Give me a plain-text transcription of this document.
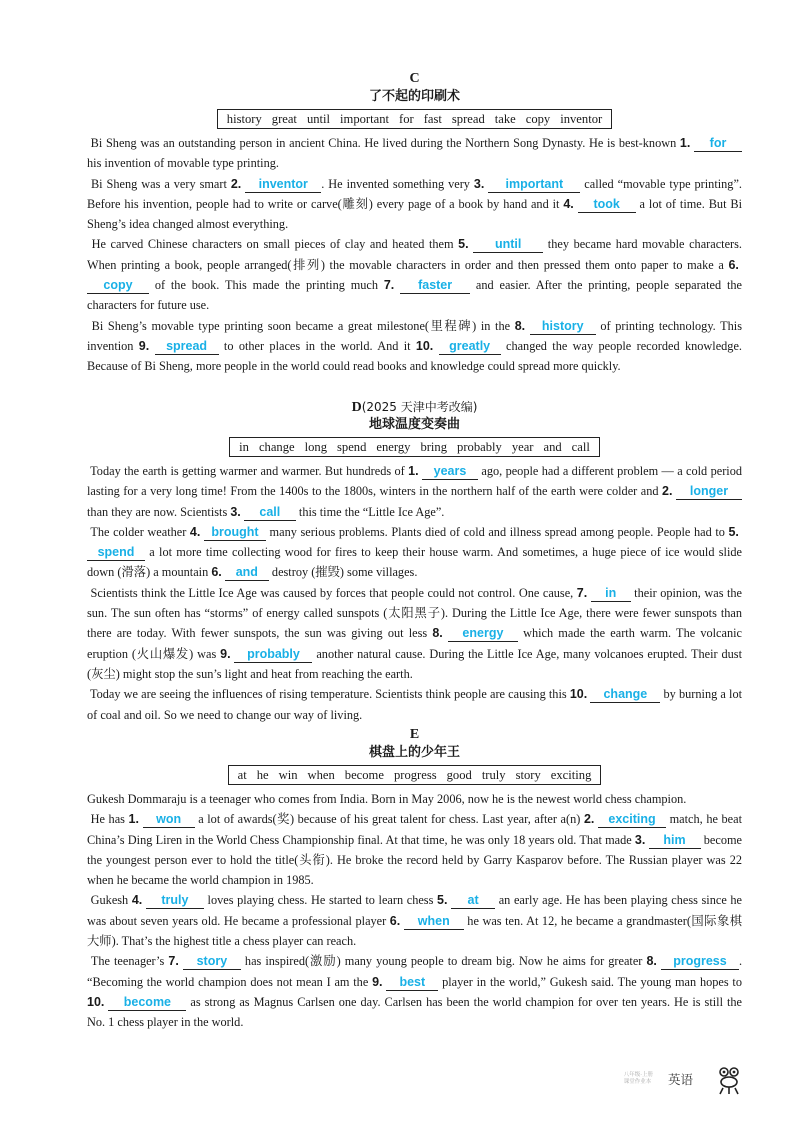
C
了不起的印刷术
history great until important for fast spread take copy inventor
Bi Sheng was an outstanding person in ancient China. He lived during the Northern Song Dynasty. He is best-known 1. for his invention of movable type printing.
Bi Sheng was a very smart 2. inventor . He invented something very 3. important called “movable type printing”. Before his invention, people had to write or carve(雕刻) every page of a book by hand and it 4. took a lot of time. But Bi Sheng’s idea changed almost everything.
He carved Chinese characters on small pieces of clay and heated them 5. until they became hard movable characters. When printing a book, people arranged(排列) the movable characters in order and then pressed them onto paper to make a 6. copy of the book. This made the printing much 7. faster and easier. After the printing, people separated the characters for future use.
Bi Sheng’s movable type printing soon became a great milestone(里程碑) in the 8. history of printing technology. This invention 9. spread to other places in the world. And it 10. greatly changed the way people recorded knowledge. Because of Bi Sheng, more people in the world could read books and knowledge could spread more quickly.
D(2025 天津中考改编)
地球温度变奏曲
in change long spend energy bring probably year and call
Today the earth is getting warmer and warmer. But hundreds of 1. years ago, people had a different problem — a cold period lasting for a very long time! From the 1400s to the 1800s, winters in the northern half of the earth were colder and 2. longer than they are now. Scientists 3. call this time the “Little Ice Age”.
The colder weather 4. brought many serious problems. Plants died of cold and illness spread among people. People had to 5. spend a lot more time collecting wood for fires to keep their house warm. And sometimes, a huge piece of ice would slide down (滑落) a mountain 6. and destroy (摧毁) some villages.
Scientists think the Little Ice Age was caused by forces that people could not control. One cause, 7. in their opinion, was the sun. The sun often has “storms” of energy called sunspots (太阳黑子). During the Little Ice Age, there were fewer sunspots than there are today. With fewer sunspots, the sun was giving out less 8. energy which made the earth warm. The volcanic eruption (火山爆发) was 9. probably another natural cause. During the Little Ice Age, many volcanoes erupted. Their dust (灰尘) might stop the sun’s light and heat from reaching the earth.
Today we are seeing the influences of rising temperature. Scientists think people are causing this 10. change by burning a lot of coal and oil. So we need to change our way of living.
E
棋盘上的少年王
at he win when become progress good truly story exciting
Gukesh Dommaraju is a teenager who comes from India. Born in May 2006, now he is the newest world chess champion.
He has 1. won a lot of awards(奖) because of his great talent for chess. Last year, after a(n) 2. exciting match, he beat China’s Ding Liren in the World Chess Championship final. At that time, he was only 18 years old. That made 3. him become the youngest person ever to hold the title(头衔). He broke the record held by Garry Kasparov before. The Russian player was 22 when he became the world champion in 1985.
Gukesh 4. truly loves playing chess. He started to learn chess 5. at an early age. He has been playing chess since he was about seven years old. He became a professional player 6. when he was ten. At 12, he became a grandmaster(国际象棋大师). That’s the highest title a chess player can reach.
The teenager’s 7. story has inspired(激励) many young people to dream big. Now he aims for greater 8. progress . “Becoming the world champion does not mean I am the 9. best player in the world,” Gukesh said. The young man hopes to 10. become as strong as Magnus Carlsen one day. Carlsen has been the world champion for over ten years. He is still the No. 1 chess player in the world.
八年级·上册
课堂作业本 英语
